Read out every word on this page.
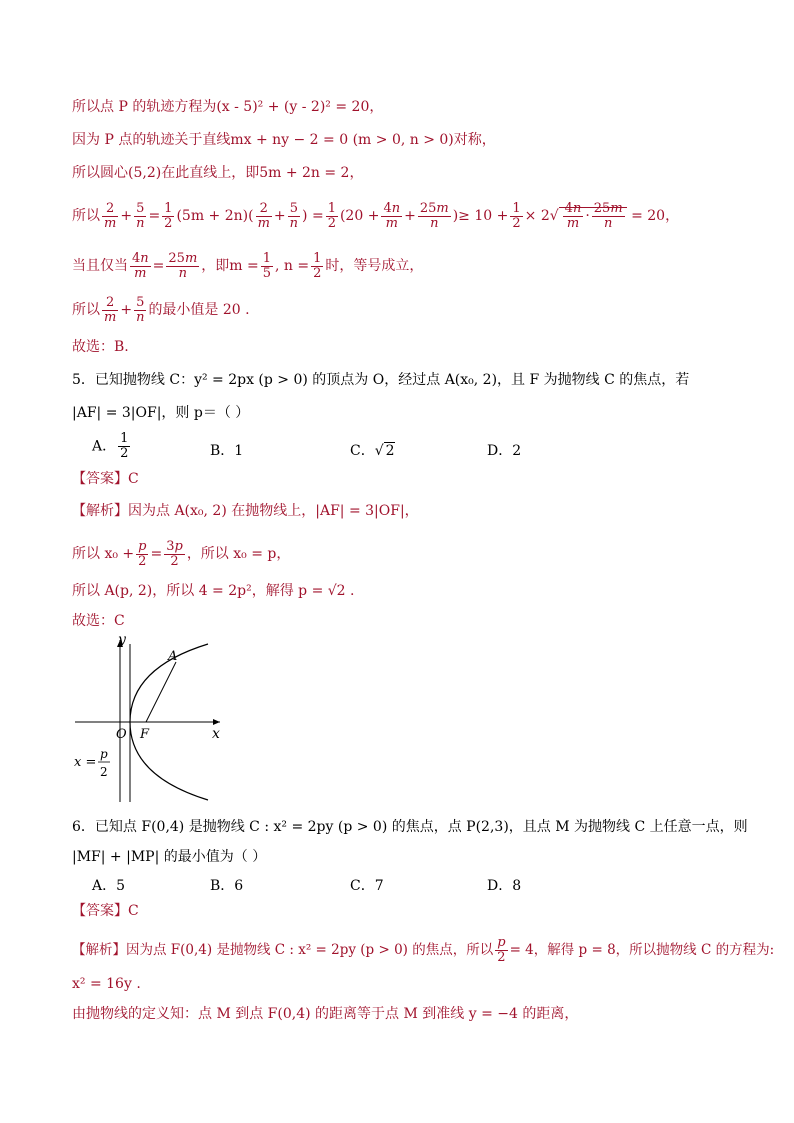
所以点 P 的轨迹方程为(x - 5)² + (y - 2)² = 20，
因为 P 点的轨迹关于直线mx + ny − 2 = 0 (m > 0, n > 0)对称，
所以圆心(5,2)在此直线上，即5m + 2n = 2，
所以 $\frac{2}{m} + \frac{5}{n} = \frac{1}{2} (5m + 2n)( \frac{2}{m} + \frac{5}{n}$ ) = $\frac{1}{2} (20 + \frac{4n}{m} + \frac{25m}{n}$ )≥ $10 + \frac{1}{2} \times 2√ \frac{4n}{m} \cdot \frac{25m}{n} = 20$，
当且仅当 $\frac{4n}{m} = \frac{25m}{n}$ ，即$m = \frac{1}{5}$ , $n = \frac{1}{2}$ 时，等号成立，
所以 $\frac{2}{m} + \frac{5}{n}$ 的最小值是 20 .
故选：B.
5．已知抛物线 C：y² = 2px (p > 0) 的顶点为 O，经过点 A(x₀, 2)，且 F 为抛物线 C 的焦点，若
|AF| = 3|OF|，则 p＝（ ）
A． $\frac{1}{2}$	B．1	C．√ 2	D．2
【答案】C
【解析】因为点 A(x₀, 2) 在抛物线上，|AF| = 3|OF|，
所以 $x_0 + \frac{p}{2} = \frac{3p}{2}$ ，所以 x₀ = p，
所以 A(p, 2)，所以 4 = 2p²，解得 p = √2 .
故选：C
y
x
A
O F
x =
p
2
6．已知点 F(0,4) 是抛物线 C : x² = 2py (p > 0) 的焦点，点 P(2,3)，且点 M 为抛物线 C 上任意一点，则
|MF| + |MP| 的最小值为（ ）
A．5	B．6	C．7	D．8
【答案】C
【解析】因为点 F(0,4) 是抛物线 C : x² = 2py (p > 0) 的焦点，所以 $\frac{p}{2} = 4$，解得 p = 8，所以抛物线 C 的方程为:
x² = 16y .
由抛物线的定义知：点 M 到点 F(0,4) 的距离等于点 M 到准线 y = −4 的距离，
